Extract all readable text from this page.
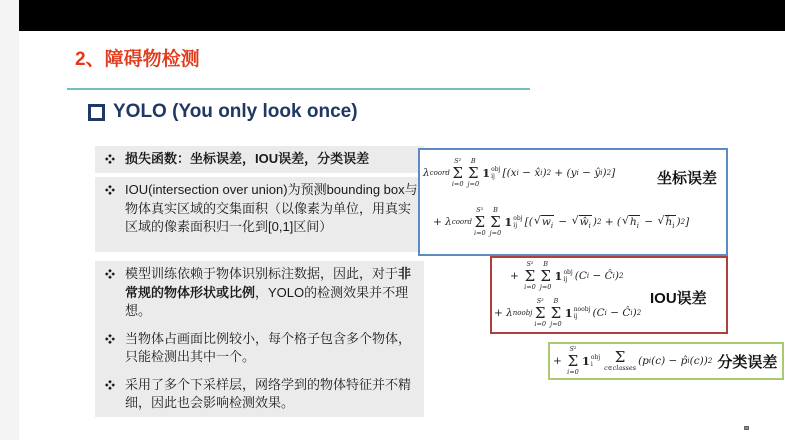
2、障碍物检测
YOLO (You only look once)
损失函数：坐标误差，IOU误差，分类误差
IOU(intersection over union)为预测bounding box与物体真实区域的交集面积（以像素为单位，用真实区域的像素面积归一化到[0,1]区间）
模型训练依赖于物体识别标注数据，因此，对于非常规的物体形状或比例，YOLO的检测效果并不理想。
当物体占画面比例较小，每个格子包含多个物体，只能检测出其中一个。
采用了多个下采样层，网络学到的物体特征并不精细，因此也会影响检测效果。
λ coord
S²
Σ
i=0
B
Σ
j=0
1 obj
ij [(x i − x̂ i ) 2 + (y i − ŷ i ) 2 ]	坐标误差
+ λ coord
S²
Σ
i=0
B
Σ
j=0
1 obj
ij [( √ $w_i$ − √ $ŵ_i$ ) 2 + ( √ $h_i$ − √ $ĥ_i$ ) 2 ]
+
S²
Σ
i=0
B
Σ
j=0
1 obj
ij (C i − Ĉ i ) 2
IOU误差
+ λ noobj
S²
Σ
i=0
B
Σ
j=0
1 noobj
ij (C i − Ĉ i ) 2
+
S²
Σ
i=0
1 obj
i Σ
c∈classes
(p i (c) − p̂ i (c)) 2 分类误差
